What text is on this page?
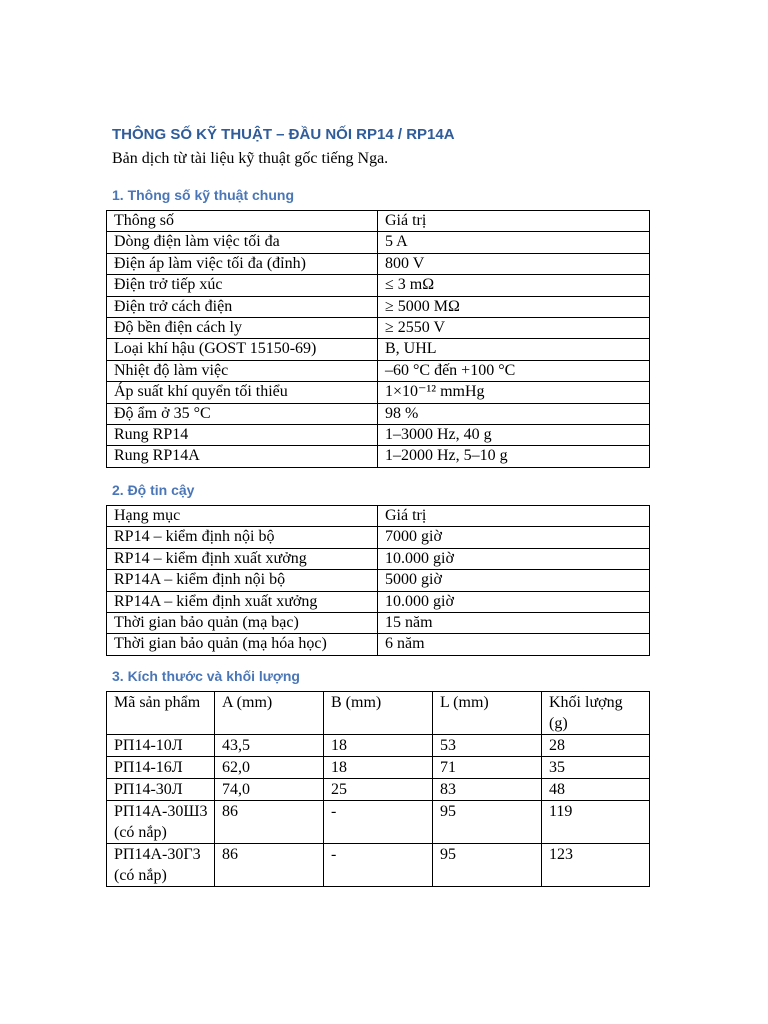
THÔNG SỐ KỸ THUẬT – ĐẦU NỐI RP14 / RP14A
Bản dịch từ tài liệu kỹ thuật gốc tiếng Nga.
1. Thông số kỹ thuật chung
Thông số	Giá trị
Dòng điện làm việc tối đa	5 A
Điện áp làm việc tối đa (đỉnh)	800 V
Điện trở tiếp xúc	≤ 3 mΩ
Điện trở cách điện	≥ 5000 MΩ
Độ bền điện cách ly	≥ 2550 V
Loại khí hậu (GOST 15150-69)	B, UHL
Nhiệt độ làm việc	–60 °C đến +100 °C
Áp suất khí quyển tối thiểu	1×10⁻¹² mmHg
Độ ẩm ở 35 °C	98 %
Rung RP14	1–3000 Hz, 40 g
Rung RP14A	1–2000 Hz, 5–10 g
2. Độ tin cậy
Hạng mục	Giá trị
RP14 – kiểm định nội bộ	7000 giờ
RP14 – kiểm định xuất xưởng	10.000 giờ
RP14A – kiểm định nội bộ	5000 giờ
RP14A – kiểm định xuất xưởng	10.000 giờ
Thời gian bảo quản (mạ bạc)	15 năm
Thời gian bảo quản (mạ hóa học)	6 năm
3. Kích thước và khối lượng
Mã sản phẩm	A (mm)	B (mm)	L (mm)	Khối lượng (g)
РП14-10Л	43,5	18	53	28
РП14-16Л	62,0	18	71	35
РП14-30Л	74,0	25	83	48
РП14А-30Ш3 (có nắp)	86	-	95	119
РП14А-30Г3 (có nắp)	86	-	95	123
